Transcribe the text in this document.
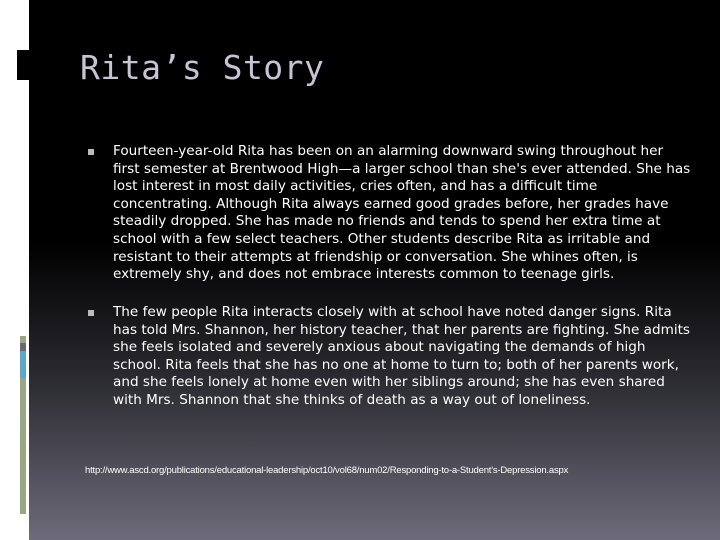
Rita’s Story
Fourteen-year-old Rita has been on an alarming downward swing throughout her first semester at Brentwood High—a larger school than she's ever attended. She has lost interest in most daily activities, cries often, and has a difficult time concentrating. Although Rita always earned good grades before, her grades have steadily dropped. She has made no friends and tends to spend her extra time at school with a few select teachers. Other students describe Rita as irritable and resistant to their attempts at friendship or conversation. She whines often, is extremely shy, and does not embrace interests common to teenage girls.
The few people Rita interacts closely with at school have noted danger signs. Rita has told Mrs. Shannon, her history teacher, that her parents are fighting. She admits she feels isolated and severely anxious about navigating the demands of high school. Rita feels that she has no one at home to turn to; both of her parents work, and she feels lonely at home even with her siblings around; she has even shared with Mrs. Shannon that she thinks of death as a way out of loneliness.
http://www.ascd.org/publications/educational-leadership/oct10/vol68/num02/Responding-to-a-Student's-Depression.aspx
